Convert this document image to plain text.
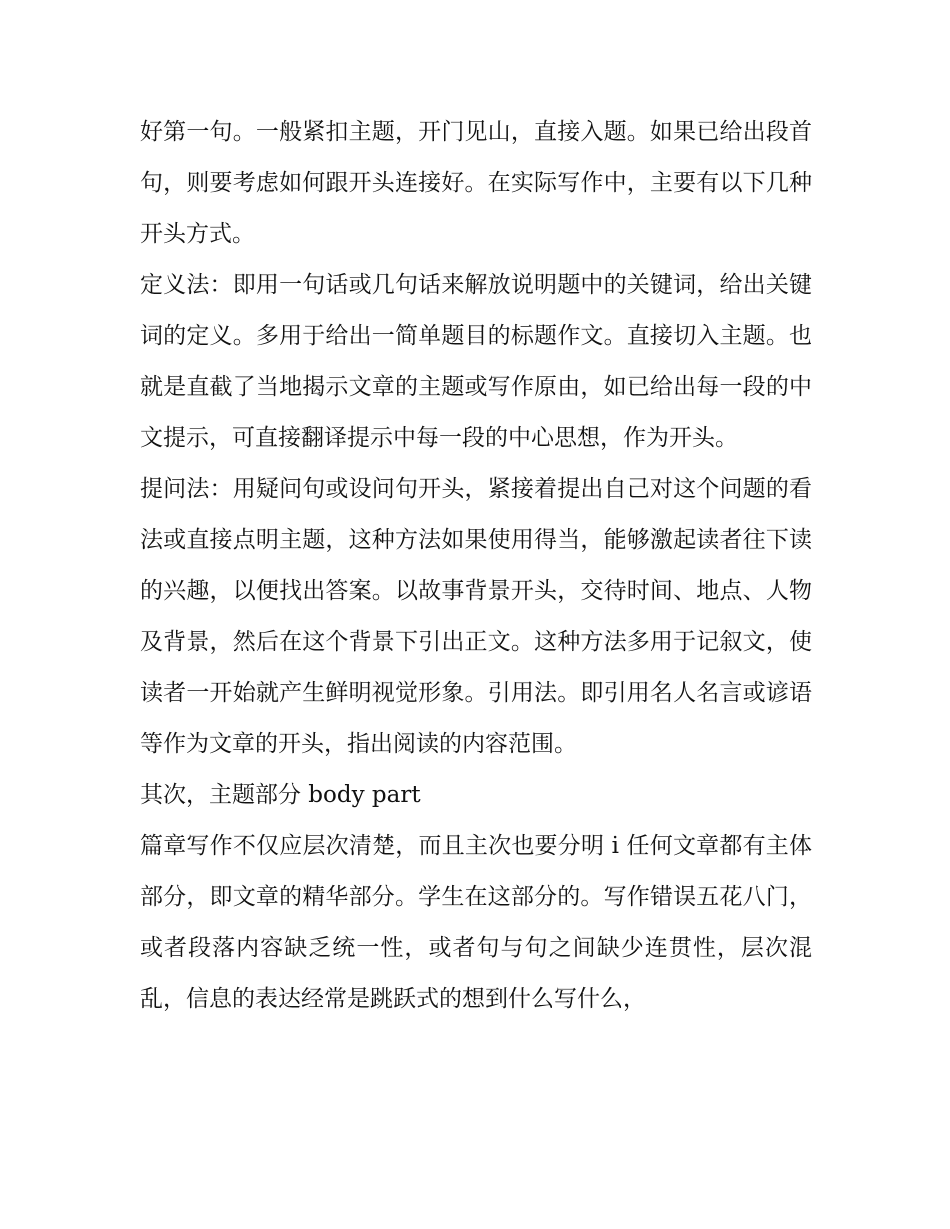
好第一句。一般紧扣主题，开门见山，直接入题。如果已给出段首句，则要考虑如何跟开头连接好。在实际写作中，主要有以下几种开头方式。

定义法：即用一句话或几句话来解放说明题中的关键词，给出关键词的定义。多用于给出一简单题目的标题作文。直接切入主题。也就是直截了当地揭示文章的主题或写作原由，如已给出每一段的中文提示，可直接翻译提示中每一段的中心思想，作为开头。

提问法：用疑问句或设问句开头，紧接着提出自己对这个问题的看法或直接点明主题，这种方法如果使用得当，能够激起读者往下读的兴趣，以便找出答案。以故事背景开头，交待时间、地点、人物及背景，然后在这个背景下引出正文。这种方法多用于记叙文，使读者一开始就产生鲜明视觉形象。引用法。即引用名人名言或谚语等作为文章的开头，指出阅读的内容范围。

其次，主题部分 body part

篇章写作不仅应层次清楚，而且主次也要分明 i 任何文章都有主体部分，即文章的精华部分。学生在这部分的。写作错误五花八门，或者段落内容缺乏统一性，或者句与句之间缺少连贯性，层次混乱，信息的表达经常是跳跃式的想到什么写什么，
